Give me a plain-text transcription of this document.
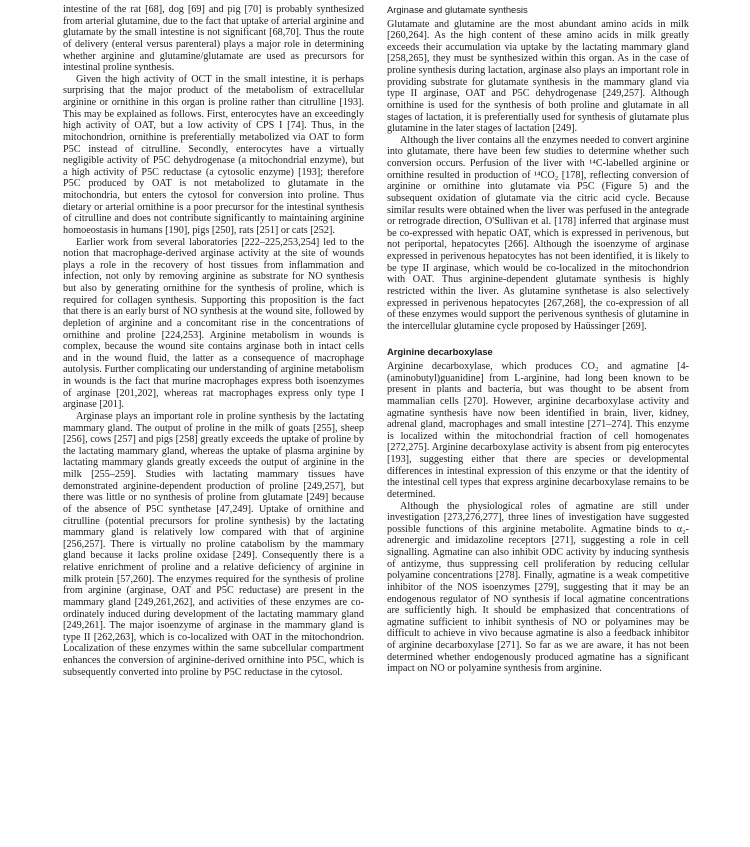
intestine of the rat [68], dog [69] and pig [70] is probably synthesized from arterial glutamine, due to the fact that uptake of arterial arginine and glutamate by the small intestine is not significant [68,70]. Thus the route of delivery (enteral versus parenteral) plays a major role in determining whether arginine and glutamine/glutamate are used as precursors for intestinal proline synthesis.

Given the high activity of OCT in the small intestine, it is perhaps surprising that the major product of the metabolism of extracellular arginine or ornithine in this organ is proline rather than citrulline [193]. This may be explained as follows. First, enterocytes have an exceedingly high activity of OAT, but a low activity of CPS I [74]. Thus, in the mitochondrion, ornithine is preferentially metabolized via OAT to form P5C instead of citrulline. Secondly, enterocytes have a virtually negligible activity of P5C dehydrogenase (a mitochondrial enzyme), but a high activity of P5C reductase (a cytosolic enzyme) [193]; therefore P5C produced by OAT is not metabolized to glutamate in the mitochondria, but enters the cytosol for conversion into proline. Thus dietary or arterial ornithine is a poor precursor for the intestinal synthesis of citrulline and does not contribute significantly to maintaining arginine homoeostasis in humans [190], pigs [250], rats [251] or cats [252].

Earlier work from several laboratories [222–225,253,254] led to the notion that macrophage-derived arginase activity at the site of wounds plays a role in the recovery of host tissues from inflammation and infection, not only by removing arginine as substrate for NO synthesis but also by generating ornithine for the synthesis of proline, which is required for collagen synthesis. Supporting this proposition is the fact that there is an early burst of NO synthesis at the wound site, followed by depletion of arginine and a concomitant rise in the concentrations of ornithine and proline [224,253]. Arginine metabolism in wounds is complex, because the wound site contains arginase both in intact cells and in the wound fluid, the latter as a consequence of macrophage autolysis. Further complicating our understanding of arginine metabolism in wounds is the fact that murine macrophages express both isoenzymes of arginase [201,202], whereas rat macrophages express only type I arginase [201].

Arginase plays an important role in proline synthesis by the lactating mammary gland. The output of proline in the milk of goats [255], sheep [256], cows [257] and pigs [258] greatly exceeds the uptake of proline by the lactating mammary gland, whereas the uptake of plasma arginine by lactating mammary glands greatly exceeds the output of arginine in the milk [255–259]. Studies with lactating mammary tissues have demonstrated arginine-dependent production of proline [249,257], but there was little or no synthesis of proline from glutamate [249] because of the absence of P5C synthetase [47,249]. Uptake of ornithine and citrulline (potential precursors for proline synthesis) by the lactating mammary gland is relatively low compared with that of arginine [256,257]. There is virtually no proline catabolism by the mammary gland because it lacks proline oxidase [249]. Consequently there is a relative enrichment of proline and a relative deficiency of arginine in milk protein [57,260]. The enzymes required for the synthesis of proline from arginine (arginase, OAT and P5C reductase) are present in the mammary gland [249,261,262], and activities of these enzymes are co-ordinately induced during development of the lactating mammary gland [249,261]. The major isoenzyme of arginase in the mammary gland is type II [262,263], which is co-localized with OAT in the mitochondrion. Localization of these enzymes within the same subcellular compartment enhances the conversion of arginine-derived ornithine into P5C, which is subsequently converted into proline by P5C reductase in the cytosol.

Arginase and glutamate synthesis

Glutamate and glutamine are the most abundant amino acids in milk [260,264]. As the high content of these amino acids in milk greatly exceeds their accumulation via uptake by the lactating mammary gland [258,265], they must be synthesized within this organ. As in the case of proline synthesis during lactation, arginase also plays an important role in providing substrate for glutamate synthesis in the mammary gland via type II arginase, OAT and P5C dehydrogenase [249,257]. Although ornithine is used for the synthesis of both proline and glutamate in all stages of lactation, it is preferentially used for synthesis of glutamate plus glutamine in the later stages of lactation [249].

Although the liver contains all the enzymes needed to convert arginine into glutamate, there have been few studies to determine whether such conversion occurs. Perfusion of the liver with ¹⁴C-labelled arginine or ornithine resulted in production of ¹⁴CO₂ [178], reflecting conversion of arginine or ornithine into glutamate via P5C (Figure 5) and the subsequent oxidation of glutamate via the citric acid cycle. Because similar results were obtained when the liver was perfused in the antegrade or retrograde direction, O'Sullivan et al. [178] inferred that arginase must be co-expressed with hepatic OAT, which is expressed in perivenous, but not periportal, hepatocytes [266]. Although the isoenzyme of arginase expressed in perivenous hepatocytes has not been identified, it is likely to be type II arginase, which would be co-localized in the mitochondrion with OAT. Thus arginine-dependent glutamate synthesis is highly restricted within the liver. As glutamine synthetase is also selectively expressed in perivenous hepatocytes [267,268], the co-expression of all of these enzymes would support the perivenous synthesis of glutamine in the intercellular glutamine cycle proposed by Haüssinger [269].

Arginine decarboxylase

Arginine decarboxylase, which produces CO₂ and agmatine [4-(aminobutyl)guanidine] from L-arginine, had long been known to be present in plants and bacteria, but was thought to be absent from mammalian cells [270]. However, arginine decarboxylase activity and agmatine synthesis have now been identified in brain, liver, kidney, adrenal gland, macrophages and small intestine [271–274]. This enzyme is localized within the mitochondrial fraction of cell homogenates [272,275]. Arginine decarboxylase activity is absent from pig enterocytes [193], suggesting either that there are species or developmental differences in intestinal expression of this enzyme or that the identity of the intestinal cell types that express arginine decarboxylase remains to be determined.

Although the physiological roles of agmatine are still under investigation [273,276,277], three lines of investigation have suggested possible functions of this arginine metabolite. Agmatine binds to α₂-adrenergic and imidazoline receptors [271], suggesting a role in cell signalling. Agmatine can also inhibit ODC activity by inducing synthesis of antizyme, thus suppressing cell proliferation by reducing cellular polyamine concentrations [278]. Finally, agmatine is a weak competitive inhibitor of the NOS isoenzymes [279], suggesting that it may be an endogenous regulator of NO synthesis if local agmatine concentrations are sufficiently high. It should be emphasized that concentrations of agmatine sufficient to inhibit synthesis of NO or polyamines may be difficult to achieve in vivo because agmatine is also a feedback inhibitor of arginine decarboxylase [271]. So far as we are aware, it has not been determined whether endogenously produced agmatine has a significant impact on NO or polyamine synthesis from arginine.
